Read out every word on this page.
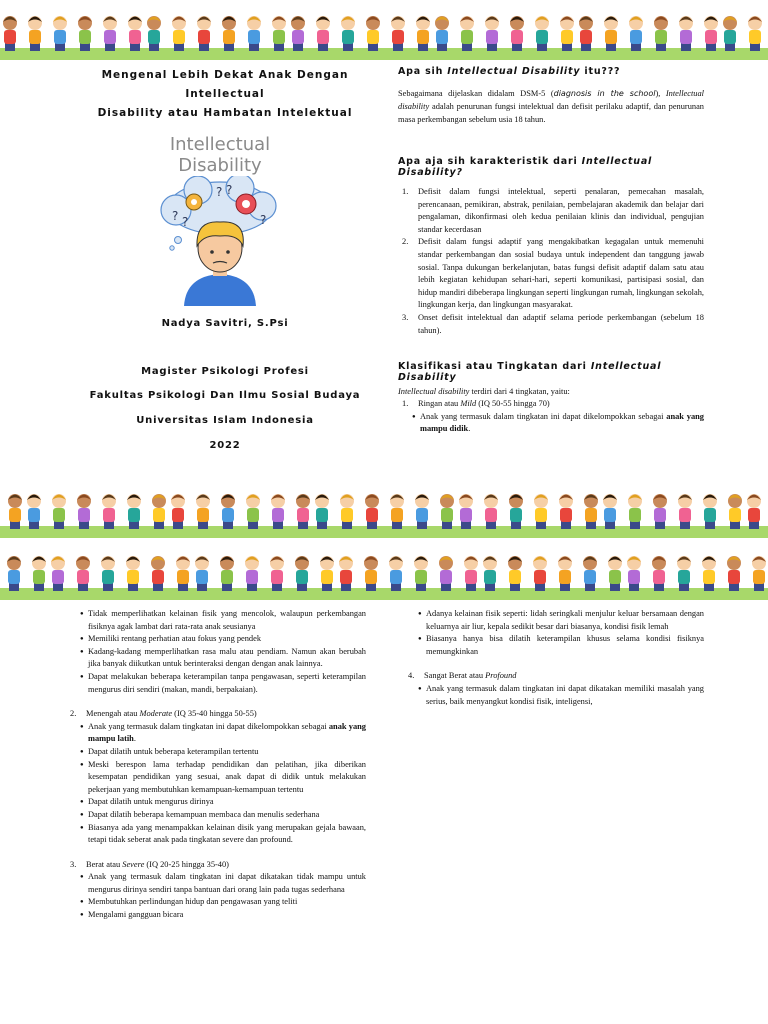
Mengenal Lebih Dekat Anak Dengan Intellectual
Disability atau Hambatan Intelektual

Intellectual
Disability
? ?
? ?	?

Nadya Savitri, S.Psi

Magister Psikologi Profesi

Fakultas Psikologi Dan Ilmu Sosial Budaya

Universitas Islam Indonesia

2022

Apa sih Intellectual Disability itu???

Sebagaimana dijelaskan didalam DSM-5 (diagnosis in the school), Intellectual disability adalah penurunan fungsi intelektual dan defisit perilaku adaptif, dan penurunan masa perkembangan sebelum usia 18 tahun.

Apa aja sih karakteristik dari Intellectual Disability?

1. Defisit dalam fungsi intelektual, seperti penalaran, pemecahan masalah, perencanaan, pemikiran, abstrak, penilaian, pembelajaran akademik dan belajar dari pengalaman, dikonfirmasi oleh kedua penilaian klinis dan individual, pengujian standar kecerdasan
2. Defisit dalam fungsi adaptif yang mengakibatkan kegagalan untuk memenuhi standar perkembangan dan sosial budaya untuk independent dan tanggung jawab sosial. Tanpa dukungan berkelanjutan, batas fungsi defisit adaptif dalam satu atau lebih kegiatan kehidupan sehari-hari, seperti komunikasi, partisipasi sosial, dan hidup mandiri dibeberapa lingkungan seperti lingkungan rumah, lingkungan sekolah, lingkungan kerja, dan lingkungan masyarakat.
3. Onset defisit intelektual dan adaptif selama periode perkembangan (sebelum 18 tahun).

Klasifikasi atau Tingkatan dari Intellectual Disability

Intellectual disability terdiri dari 4 tingkatan, yaitu:

1. Ringan atau Mild (IQ 50-55 hingga 70)
● Anak yang termasuk dalam tingkatan ini dapat dikelompokkan sebagai anak yang mampu didik.
● Tidak memperlihatkan kelainan fisik yang mencolok, walaupun perkembangan fisiknya agak lambat dari rata-rata anak seusianya
● Memiliki rentang perhatian atau fokus yang pendek
● Kadang-kadang memperlihatkan rasa malu atau pendiam. Namun akan berubah jika banyak diikutkan untuk berinteraksi dengan dengan anak lainnya.
● Dapat melakukan beberapa keterampilan tanpa pengawasan, seperti keterampilan mengurus diri sendiri (makan, mandi, berpakaian).
2. Menengah atau Moderate (IQ 35-40 hingga 50-55)
● Anak yang termasuk dalam tingkatan ini dapat dikelompokkan sebagai anak yang mampu latih.
● Dapat dilatih untuk beberapa keterampilan tertentu
● Meski berespon lama terhadap pendidikan dan pelatihan, jika diberikan kesempatan pendidikan yang sesuai, anak dapat di didik untuk melakukan pekerjaan yang membutuhkan kemampuan-kemampuan tertentu
● Dapat dilatih untuk mengurus dirinya
● Dapat dilatih beberapa kemampuan membaca dan menulis sederhana
● Biasanya ada yang menampakkan kelainan disik yang merupakan gejala bawaan, tetapi tidak seberat anak pada tingkatan severe dan profound.
3. Berat atau Severe (IQ 20-25 hingga 35-40)
● Anak yang termasuk dalam tingkatan ini dapat dikatakan tidak mampu untuk mengurus dirinya sendiri tanpa bantuan dari orang lain pada tugas sederhana
● Membutuhkan perlindungan hidup dan pengawasan yang teliti
● Mengalami gangguan bicara
● Adanya kelainan fisik seperti: lidah seringkali menjulur keluar bersamaan dengan keluarnya air liur, kepala sedikit besar dari biasanya, kondisi fisik lemah
● Biasanya hanya bisa dilatih keterampilan khusus selama kondisi fisiknya memungkinkan
4. Sangat Berat atau Profound
● Anak yang termasuk dalam tingkatan ini dapat dikatakan memiliki masalah yang serius, baik menyangkut kondisi fisik, inteligensi,
